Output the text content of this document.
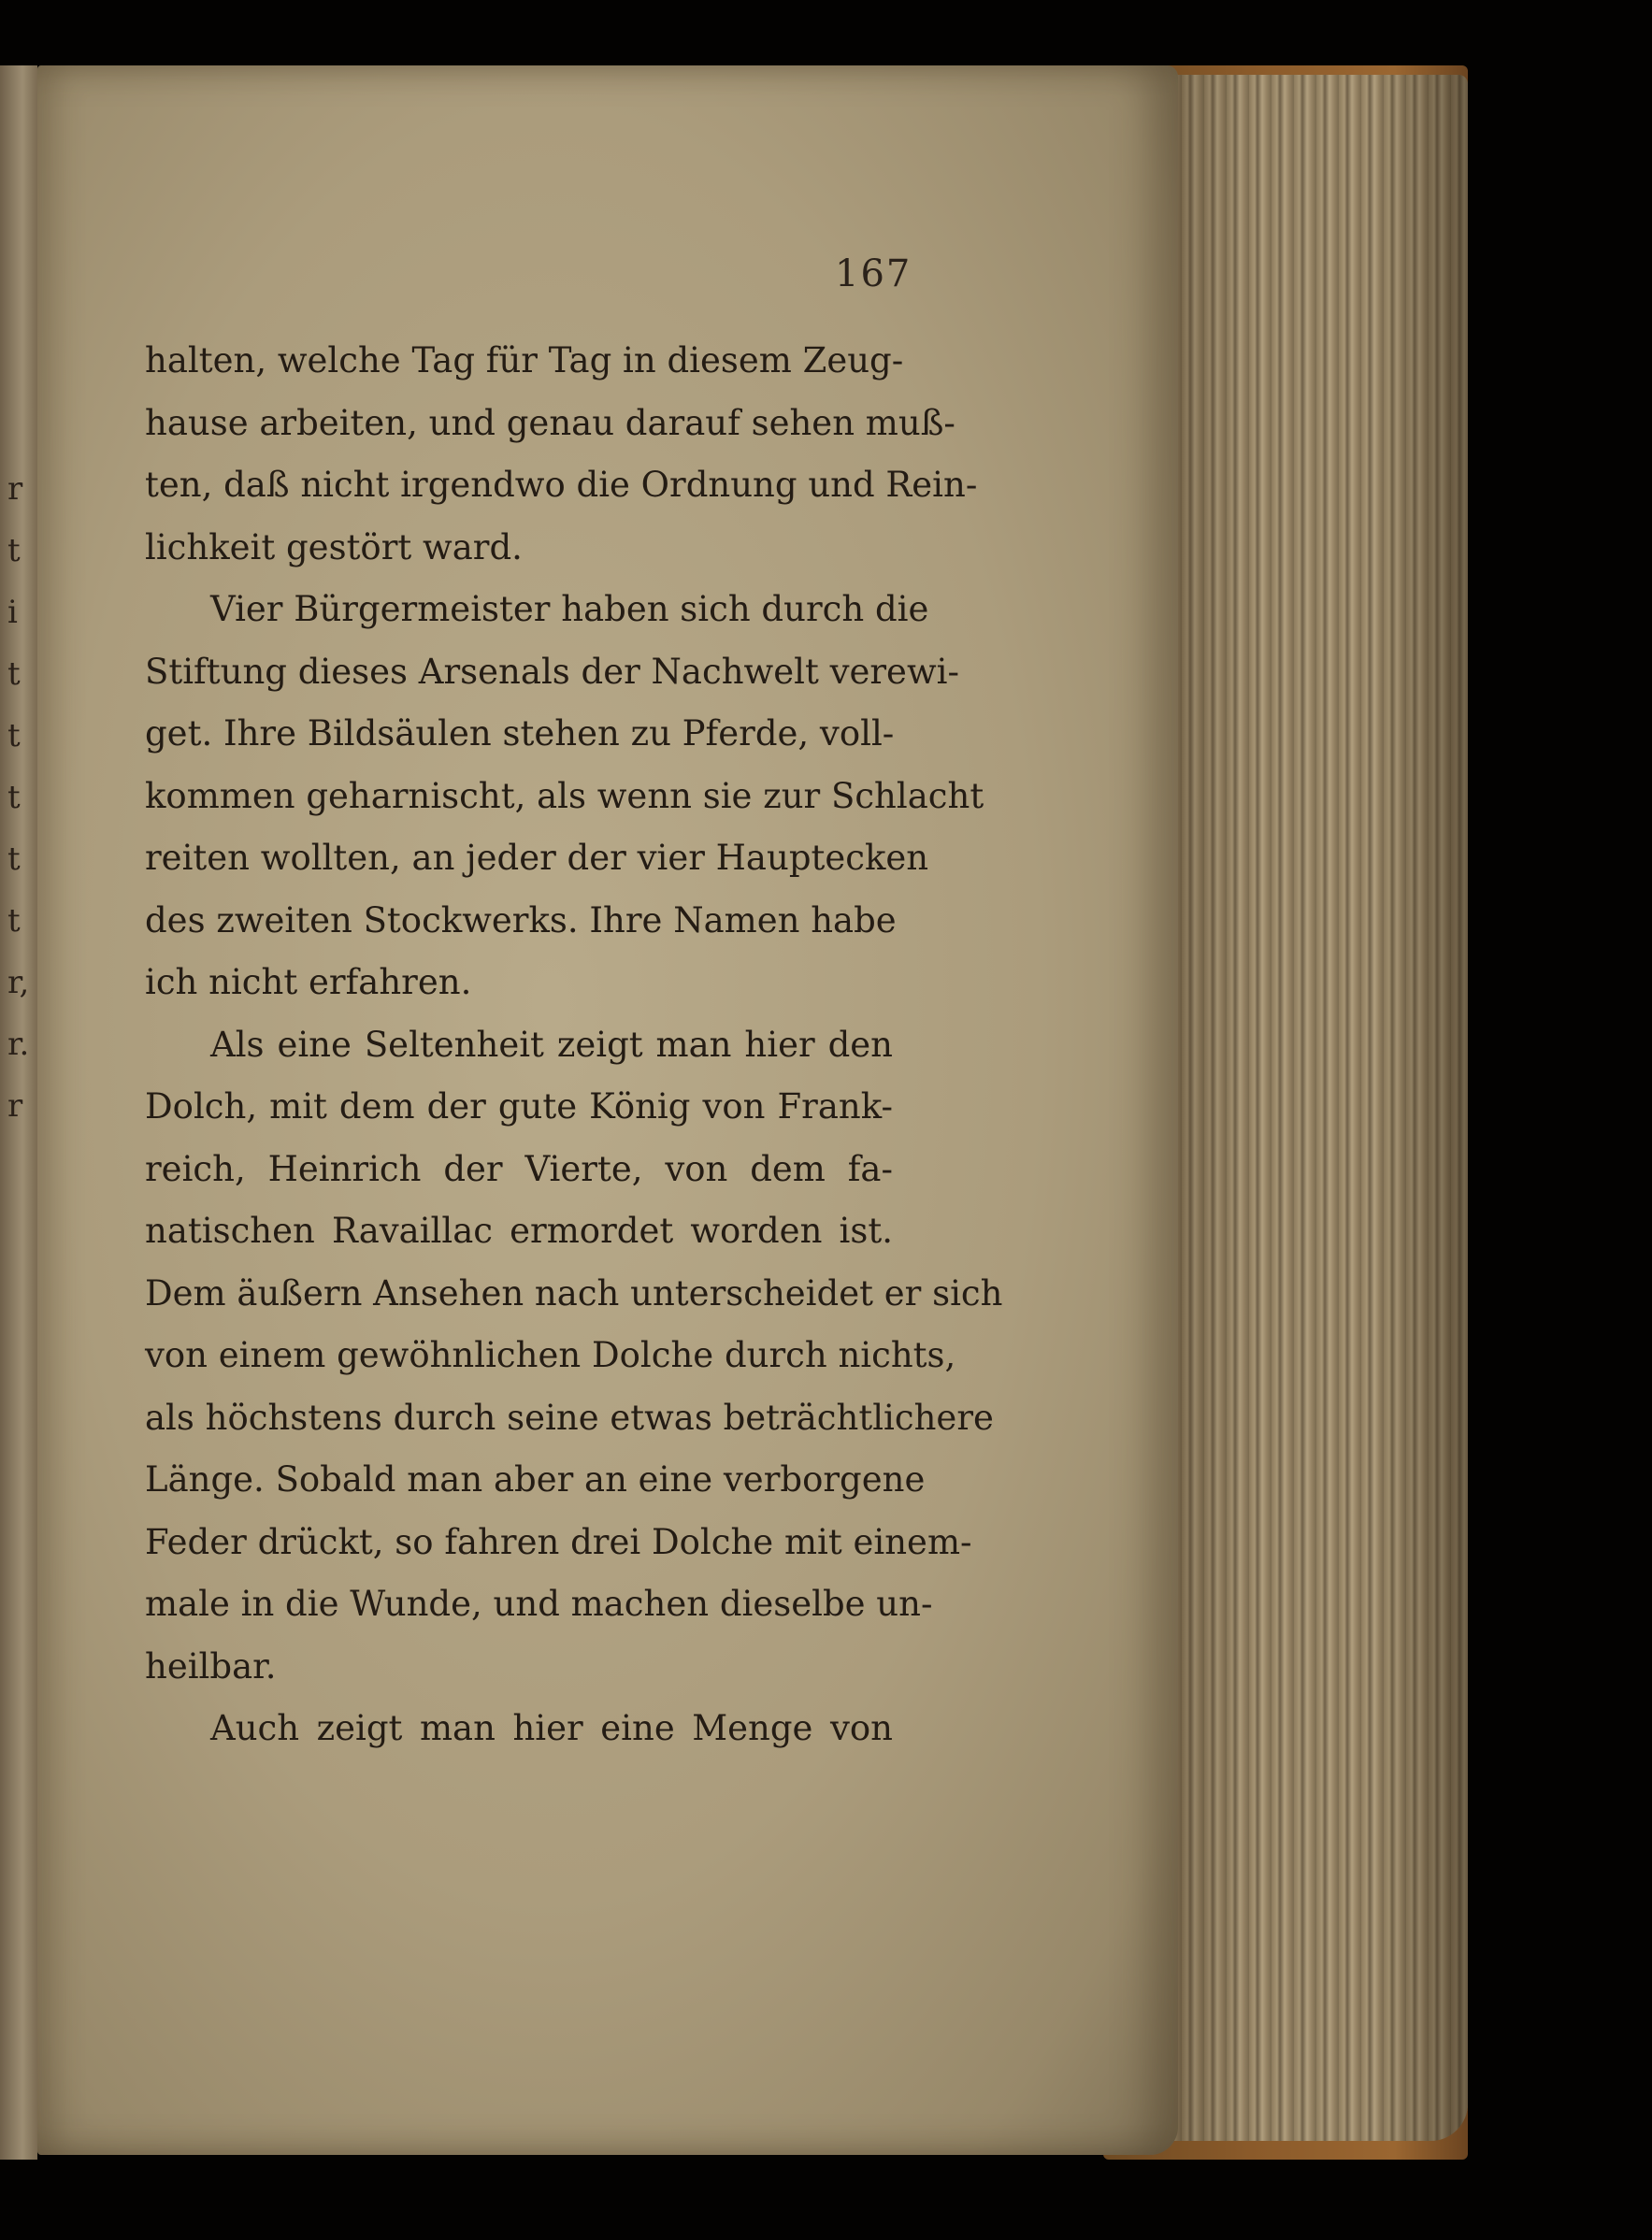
r
t
i
t
t
t
t
t
r,
r.
r
167
halten, welche Tag für Tag in diesem Zeug-
hause arbeiten, und genau darauf sehen muß-
ten, daß nicht irgendwo die Ordnung und Rein-
lichkeit gestört ward.
Vier Bürgermeister haben sich durch die
Stiftung dieses Arsenals der Nachwelt verewi-
get. Ihre Bildsäulen stehen zu Pferde, voll-
kommen geharnischt, als wenn sie zur Schlacht
reiten wollten, an jeder der vier Hauptecken
des zweiten Stockwerks. Ihre Namen habe
ich nicht erfahren.
Als eine Seltenheit zeigt man hier den
Dolch, mit dem der gute König von Frank-
reich, Heinrich der Vierte, von dem fa-
natischen Ravaillac ermordet worden ist.
Dem äußern Ansehen nach unterscheidet er sich
von einem gewöhnlichen Dolche durch nichts,
als höchstens durch seine etwas beträchtlichere
Länge. Sobald man aber an eine verborgene
Feder drückt, so fahren drei Dolche mit einem-
male in die Wunde, und machen dieselbe un-
heilbar.
Auch zeigt man hier eine Menge von
